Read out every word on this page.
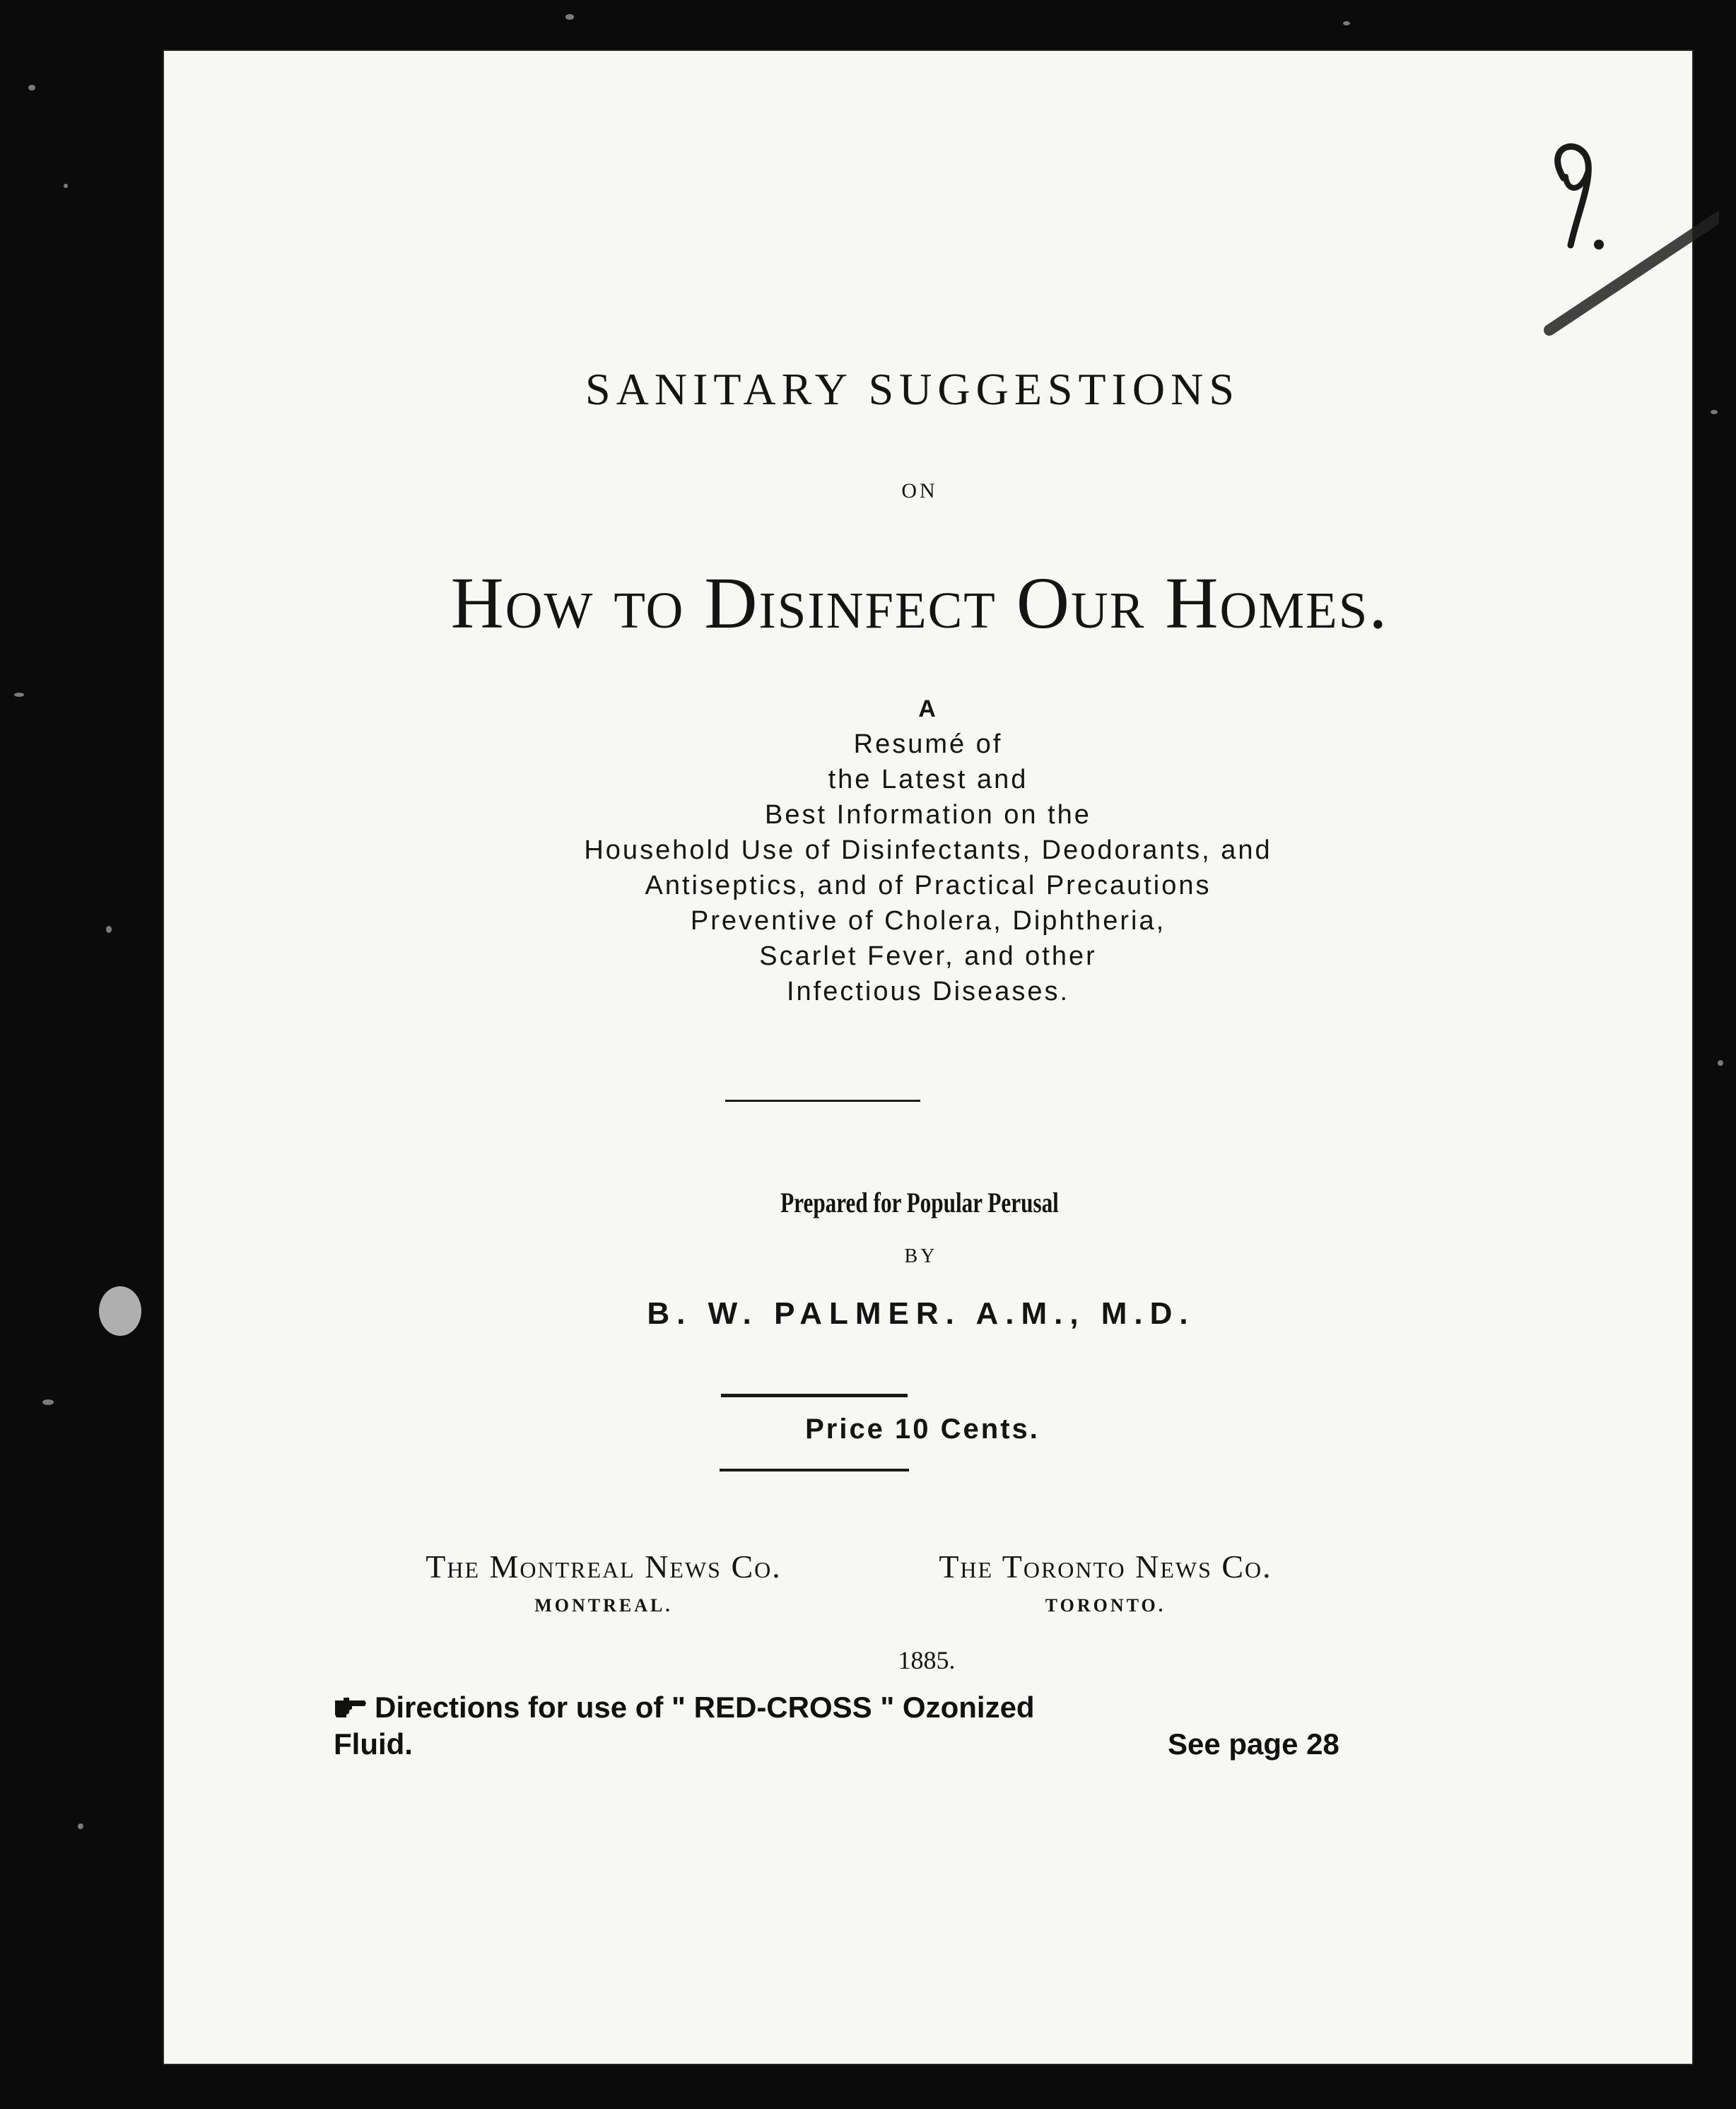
SANITARY SUGGESTIONS
ON
How to Disinfect Our Homes.
A
Resumé of
the Latest and
Best Information on the
Household Use of Disinfectants, Deodorants, and
Antiseptics, and of Practical Precautions
Preventive of Cholera, Diphtheria,
Scarlet Fever, and other
Infectious Diseases.
Prepared for Popular Perusal
BY
B. W. PALMER. A.M., M.D.
Price 10 Cents.
The Montreal News Co.
MONTREAL.
The Toronto News Co.
TORONTO.
1885.
Directions for use of " RED-CROSS " Ozonized
Fluid.	See page 28
